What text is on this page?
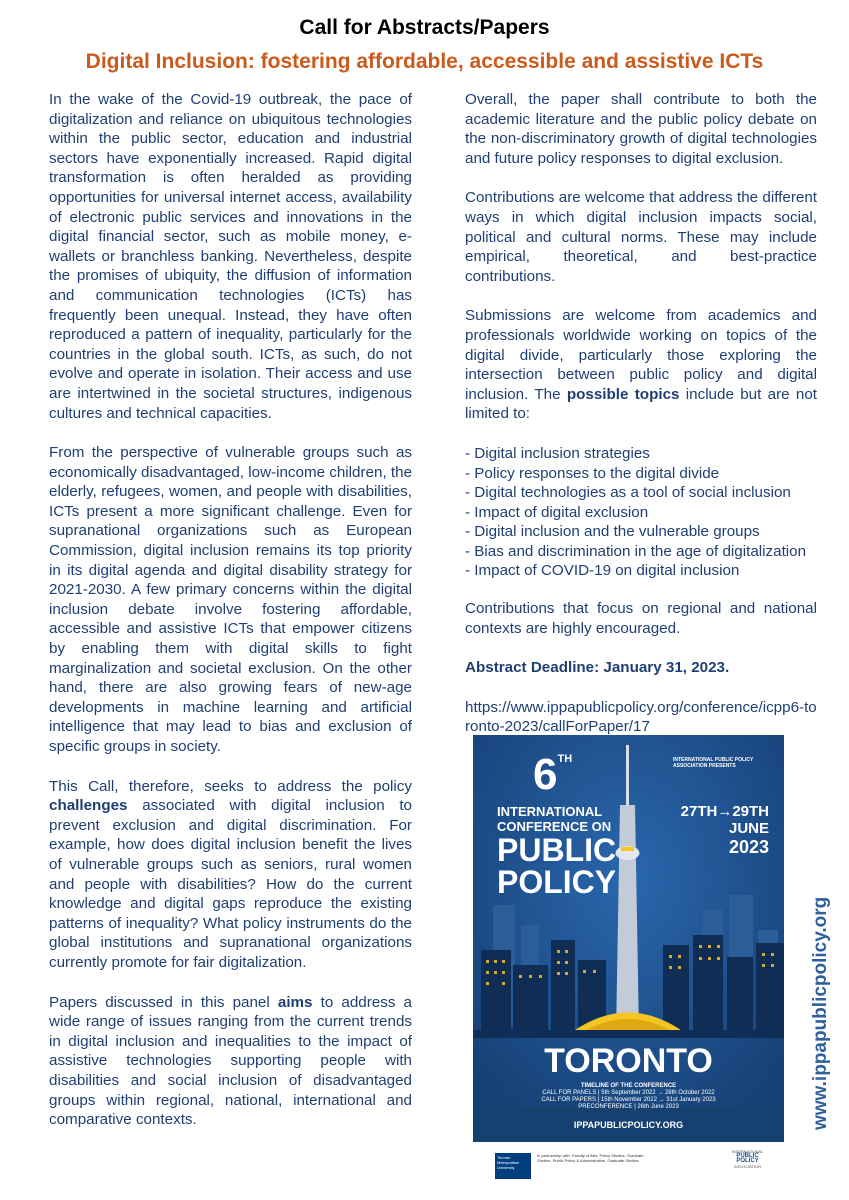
Call for Abstracts/Papers
Digital Inclusion: fostering affordable, accessible and assistive ICTs

In the wake of the Covid-19 outbreak, the pace of digitalization and reliance on ubiquitous technologies within the public sector, education and industrial sectors have exponentially increased. Rapid digital transformation is often heralded as providing opportunities for universal internet access, availability of electronic public services and innovations in the digital financial sector, such as mobile money, e-wallets or branchless banking. Nevertheless, despite the promises of ubiquity, the diffusion of information and communication technologies (ICTs) has frequently been unequal. Instead, they have often reproduced a pattern of inequality, particularly for the countries in the global south. ICTs, as such, do not evolve and operate in isolation. Their access and use are intertwined in the societal structures, indigenous cultures and technical capacities.

From the perspective of vulnerable groups such as economically disadvantaged, low-income children, the elderly, refugees, women, and people with disabilities, ICTs present a more significant challenge. Even for supranational organizations such as European Commission, digital inclusion remains its top priority in its digital agenda and digital disability strategy for 2021-2030. A few primary concerns within the digital inclusion debate involve fostering affordable, accessible and assistive ICTs that empower citizens by enabling them with digital skills to fight marginalization and societal exclusion. On the other hand, there are also growing fears of new-age developments in machine learning and artificial intelligence that may lead to bias and exclusion of specific groups in society.

This Call, therefore, seeks to address the policy challenges associated with digital inclusion to prevent exclusion and digital discrimination. For example, how does digital inclusion benefit the lives of vulnerable groups such as seniors, rural women and people with disabilities? How do the current knowledge and digital gaps reproduce the existing patterns of inequality? What policy instruments do the global institutions and supranational organizations currently promote for fair digitalization.

Papers discussed in this panel aims to address a wide range of issues ranging from the current trends in digital inclusion and inequalities to the impact of assistive technologies supporting people with disabilities and social inclusion of disadvantaged groups within regional, national, international and comparative contexts.

Overall, the paper shall contribute to both the academic literature and the public policy debate on the non-discriminatory growth of digital technologies and future policy responses to digital exclusion.

Contributions are welcome that address the different ways in which digital inclusion impacts social, political and cultural norms. These may include empirical, theoretical, and best-practice contributions.

Submissions are welcome from academics and professionals worldwide working on topics of the digital divide, particularly those exploring the intersection between public policy and digital inclusion. The possible topics include but are not limited to:

- Digital inclusion strategies
- Policy responses to the digital divide
- Digital technologies as a tool of social inclusion
- Impact of digital exclusion
- Digital inclusion and the vulnerable groups
- Bias and discrimination in the age of digitalization
- Impact of COVID-19 on digital inclusion

Contributions that focus on regional and national contexts are highly encouraged.

Abstract Deadline: January 31, 2023.

https://www.ippapublicpolicy.org/conference/icpp6-toronto-2023/callForPaper/17

INTERNATIONAL PUBLIC POLICY
ASSOCIATION PRESENTS
6TH
INTERNATIONAL
CONFERENCE ON
PUBLIC
POLICY
27TH→29TH
JUNE
2023
TORONTO
TIMELINE OF THE CONFERENCE
CALL FOR PANELS | 5th September 2022 → 28th October 2022
CALL FOR PAPERS | 15th November 2022 → 31st January 2023
PRECONFERENCE | 26th June 2023
IPPAPUBLICPOLICY.ORG	www.ippapublicpolicy.org
Toronto Metropolitan University
In partnership with: Faculty of Arts, Policy Studies, Graduate Studies, Public Policy & Administration, Graduate Studies
INTERNATIONAL
PUBLIC
POLICY
ASSOCIATION
